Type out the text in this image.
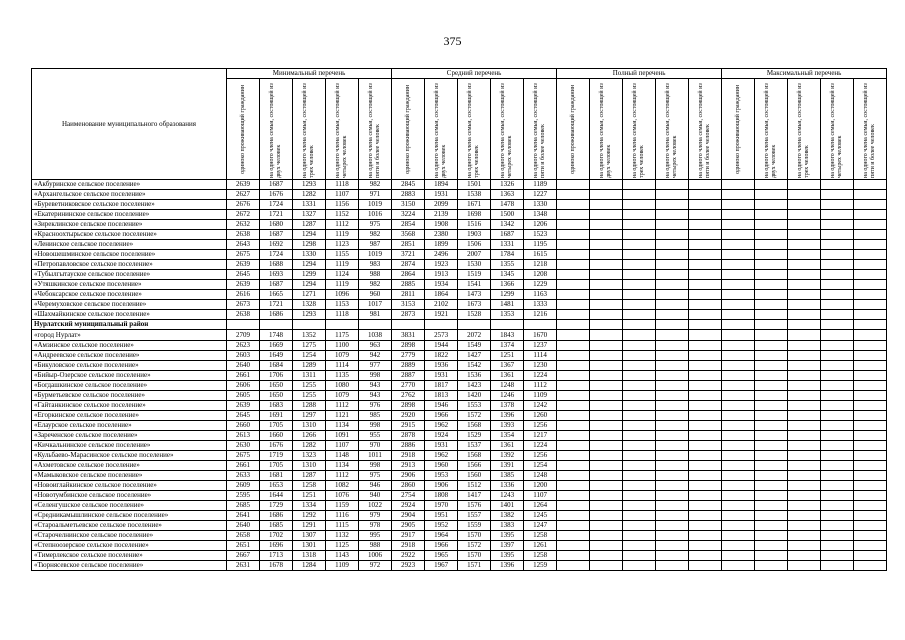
375
Наименование муниципального образования	Минимальный перечень					Средний перечень					Полный перечень					Максимальный перечень				

	одиноко проживающий гражданин	на одного члена семьи, состоящей из двух человек	на одного члена семьи, состоящей из трех человек	на одного члена семьи, состоящей из четырех человек	на одного члена семьи, состоящей из пяти и более человек	одиноко проживающий гражданин	на одного члена семьи, состоящей из двух человек	на одного члена семьи, состоящей из трех человек	на одного члена семьи, состоящей из четырех человек	на одного члена семьи, состоящей из пяти и более человек	одиноко проживающий гражданин	на одного члена семьи, состоящей из двух человек	на одного члена семьи, состоящей из трех человек	на одного члена семьи, состоящей из четырех человек	на одного члена семьи, состоящей из пяти и более человек	одиноко проживающий гражданин	на одного члена семьи, состоящей из двух человек	на одного члена семьи, состоящей из трех человек	на одного члена семьи, состоящей из четырех человек	на одного члена семьи, состоящей из пяти и более человек

«Акбуринское сельское поселение»	2639	1687	1293	1118	982	2845	1894	1501	1326	1189										
«Архангельское сельское поселение»	2627	1676	1282	1107	971	2883	1931	1538	1363	1227										
«Буреветниковское сельское поселение»	2676	1724	1331	1156	1019	3150	2099	1671	1478	1330										
«Екатерининское сельское поселение»	2672	1721	1327	1152	1016	3224	2139	1698	1500	1348										
«Зиреклинское сельское поселение»	2632	1680	1287	1112	975	2854	1908	1516	1342	1206										
«Красноохтырьское сельское поселение»	2638	1687	1294	1119	982	3568	2380	1903	1687	1523										
«Ленинское сельское поселение»	2643	1692	1298	1123	987	2851	1899	1506	1331	1195										
«Новошешминское сельское поселение»	2675	1724	1330	1155	1019	3721	2496	2007	1784	1615										
«Петропавловское сельское поселение»	2639	1688	1294	1119	983	2874	1923	1530	1355	1218										
«Тубылгытауское сельское поселение»	2645	1693	1299	1124	988	2864	1913	1519	1345	1208										
«Утяшкинское сельское поселение»	2639	1687	1294	1119	982	2885	1934	1541	1366	1229										
«Чебоксарское сельское поселение»	2616	1665	1271	1096	960	2811	1864	1473	1299	1163										
«Черемуховское сельское поселение»	2673	1721	1328	1153	1017	3153	2102	1673	1481	1333										
«Шахмайкинское сельское поселение»	2638	1686	1293	1118	981	2873	1921	1528	1353	1216										
Нурлатский муниципальный район																				
«город Нурлат»	2709	1748	1352	1175	1038	3831	2573	2072	1843	1670										
«Амзинское сельское поселение»	2623	1669	1275	1100	963	2898	1944	1549	1374	1237										
«Андреевское сельское поселение»	2603	1649	1254	1079	942	2779	1822	1427	1251	1114										
«Бикуловское сельское поселение»	2640	1684	1289	1114	977	2889	1936	1542	1367	1230										
«Бийыр-Озерское сельское поселение»	2661	1706	1311	1135	998	2887	1931	1536	1361	1224										
«Богдашкинское сельское поселение»	2606	1650	1255	1080	943	2770	1817	1423	1248	1112										
«Бурметьевское сельское поселение»	2605	1650	1255	1079	943	2762	1813	1420	1246	1109										
«Гайтанкинское сельское поселение»	2639	1683	1288	1112	976	2898	1946	1553	1378	1242										
«Егоркинское сельское поселение»	2645	1691	1297	1121	985	2920	1966	1572	1396	1260										
«Елаурское сельское поселение»	2660	1705	1310	1134	998	2915	1962	1568	1393	1256										
«Зареченское сельское поселение»	2613	1660	1266	1091	955	2878	1924	1529	1354	1217										
«Кичкальнинское сельское поселение»	2630	1676	1282	1107	970	2886	1931	1537	1361	1224										
«Кульбаево-Марасинское сельское поселение»	2675	1719	1323	1148	1011	2918	1962	1568	1392	1256										
«Ахметовское сельское поселение»	2661	1705	1310	1134	998	2913	1960	1566	1391	1254										
«Мамыковское сельское поселение»	2633	1681	1287	1112	975	2906	1953	1560	1385	1248										
«Новоиглайкинское сельское поселение»	2609	1653	1258	1082	946	2860	1906	1512	1336	1200										
«Новотумбинское сельское поселение»	2595	1644	1251	1076	940	2754	1808	1417	1243	1107										
«Селенгушское сельское поселение»	2685	1729	1334	1159	1022	2924	1970	1576	1401	1264										
«Средникамышлинское сельское поселение»	2641	1686	1292	1116	979	2904	1951	1557	1382	1245										
«Староальметьевское сельское поселение»	2640	1685	1291	1115	978	2905	1952	1559	1383	1247										
«Старочелнинское сельское поселение»	2658	1702	1307	1132	995	2917	1964	1570	1395	1258										
«Степноозерское сельское поселение»	2651	1696	1301	1125	988	2918	1966	1572	1397	1261										
«Тимерлекское сельское поселение»	2667	1713	1318	1143	1006	2922	1965	1570	1395	1258										
«Тюрнясевское сельское поселение»	2631	1678	1284	1109	972	2923	1967	1571	1396	1259										
